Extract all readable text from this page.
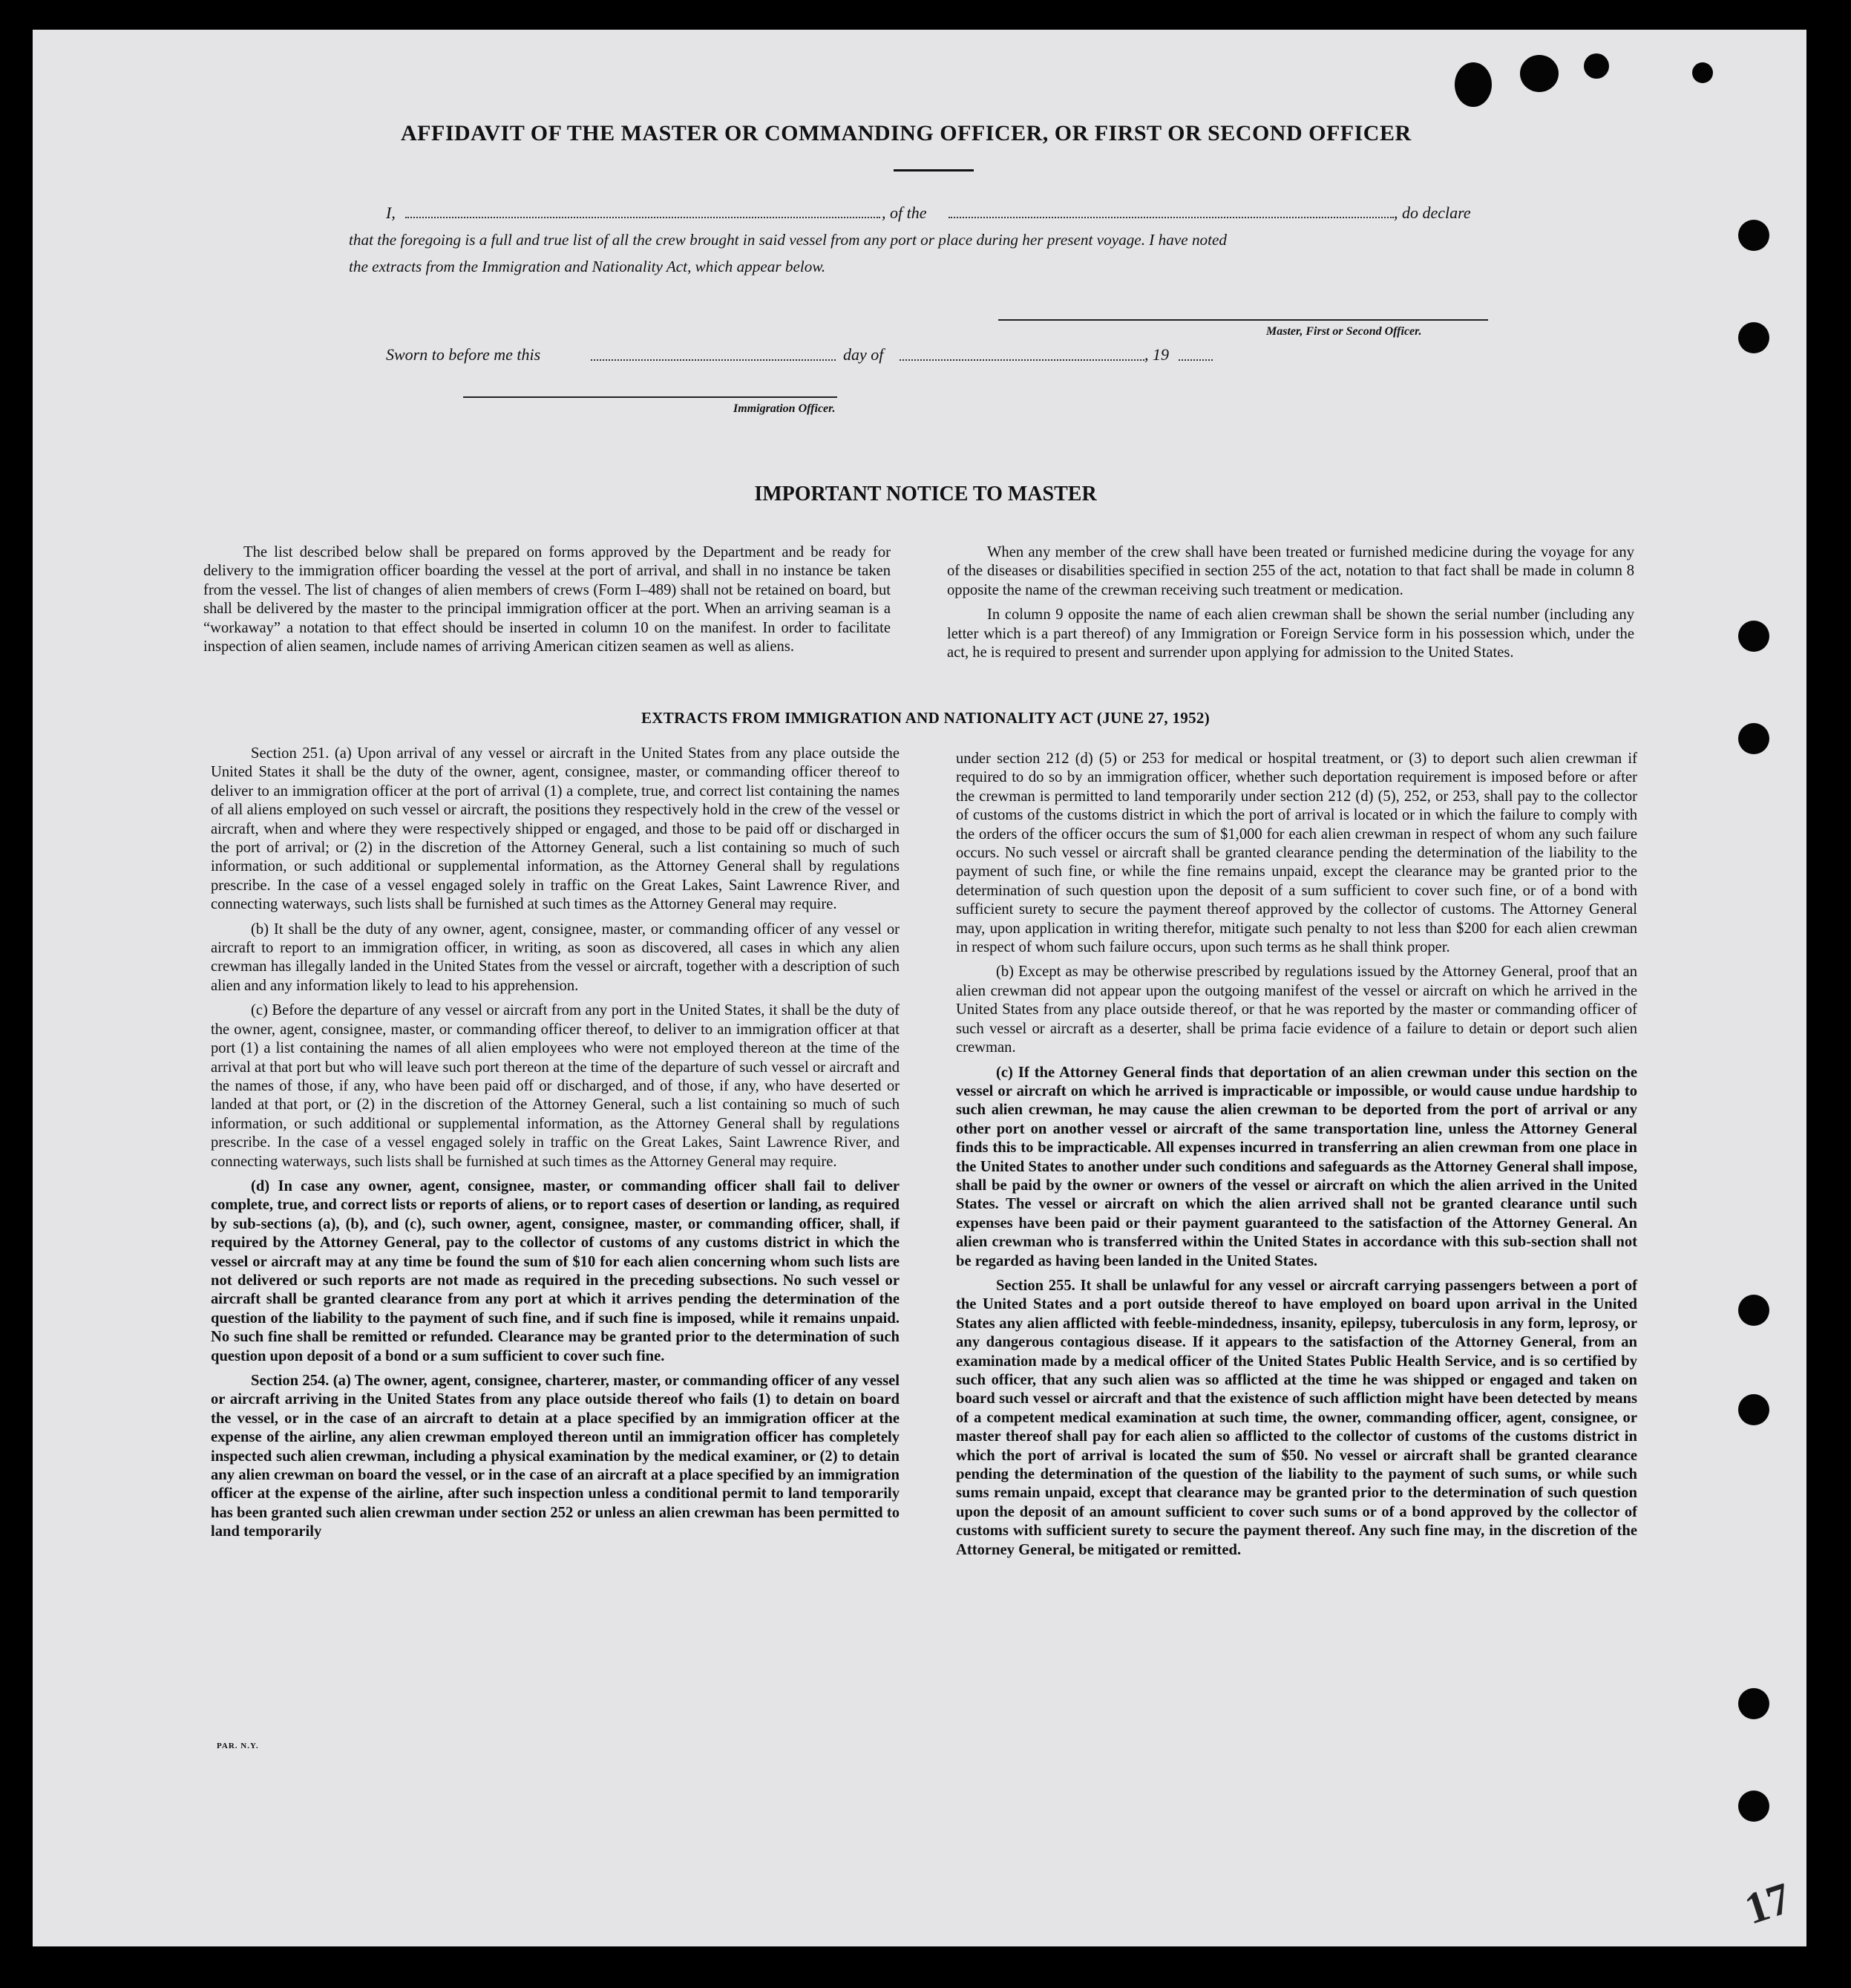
AFFIDAVIT OF THE MASTER OR COMMANDING OFFICER, OR FIRST OR SECOND OFFICER
I,	, of the	, do declare
that the foregoing is a full and true list of all the crew brought in said vessel from any port or place during her present voyage. I have noted
the extracts from the Immigration and Nationality Act, which appear below.
Master, First or Second Officer.
Sworn to before me this	day of	, 19
Immigration Officer.
IMPORTANT NOTICE TO MASTER

The list described below shall be prepared on forms approved by the Department and be ready for delivery to the immigration officer boarding the vessel at the port of arrival, and shall in no instance be taken from the vessel. The list of changes of alien members of crews (Form I–489) shall not be retained on board, but shall be delivered by the master to the principal immigration officer at the port. When an arriving seaman is a “workaway” a notation to that effect should be inserted in column 10 on the manifest. In order to facilitate inspection of alien seamen, include names of arriving American citizen seamen as well as aliens.

When any member of the crew shall have been treated or furnished medicine during the voyage for any of the diseases or disabilities specified in section 255 of the act, notation to that fact shall be made in column 8 opposite the name of the crewman receiving such treatment or medication.

In column 9 opposite the name of each alien crewman shall be shown the serial number (including any letter which is a part thereof) of any Immigration or Foreign Service form in his possession which, under the act, he is required to present and surrender upon applying for admission to the United States.

EXTRACTS FROM IMMIGRATION AND NATIONALITY ACT (JUNE 27, 1952)

Section 251. (a) Upon arrival of any vessel or aircraft in the United States from any place outside the United States it shall be the duty of the owner, agent, consignee, master, or commanding officer thereof to deliver to an immigration officer at the port of arrival (1) a complete, true, and correct list containing the names of all aliens employed on such vessel or aircraft, the positions they respectively hold in the crew of the vessel or aircraft, when and where they were respectively shipped or engaged, and those to be paid off or discharged in the port of arrival; or (2) in the discretion of the Attorney General, such a list containing so much of such information, or such additional or supplemental information, as the Attorney General shall by regulations prescribe. In the case of a vessel engaged solely in traffic on the Great Lakes, Saint Lawrence River, and connecting waterways, such lists shall be furnished at such times as the Attorney General may require.

(b) It shall be the duty of any owner, agent, consignee, master, or commanding officer of any vessel or aircraft to report to an immigration officer, in writing, as soon as discovered, all cases in which any alien crewman has illegally landed in the United States from the vessel or aircraft, together with a description of such alien and any information likely to lead to his apprehension.

(c) Before the departure of any vessel or aircraft from any port in the United States, it shall be the duty of the owner, agent, consignee, master, or commanding officer thereof, to deliver to an immigration officer at that port (1) a list containing the names of all alien employees who were not employed thereon at the time of the arrival at that port but who will leave such port thereon at the time of the departure of such vessel or aircraft and the names of those, if any, who have been paid off or discharged, and of those, if any, who have deserted or landed at that port, or (2) in the discretion of the Attorney General, such a list containing so much of such information, or such additional or supplemental information, as the Attorney General shall by regulations prescribe. In the case of a vessel engaged solely in traffic on the Great Lakes, Saint Lawrence River, and connecting waterways, such lists shall be furnished at such times as the Attorney General may require.

(d) In case any owner, agent, consignee, master, or commanding officer shall fail to deliver complete, true, and correct lists or reports of aliens, or to report cases of desertion or landing, as required by sub-sections (a), (b), and (c), such owner, agent, consignee, master, or commanding officer, shall, if required by the Attorney General, pay to the collector of customs of any customs district in which the vessel or aircraft may at any time be found the sum of $10 for each alien concerning whom such lists are not delivered or such reports are not made as required in the preceding subsections. No such vessel or aircraft shall be granted clearance from any port at which it arrives pending the determination of the question of the liability to the payment of such fine, and if such fine is imposed, while it remains unpaid. No such fine shall be remitted or refunded. Clearance may be granted prior to the determination of such question upon deposit of a bond or a sum sufficient to cover such fine.

Section 254. (a) The owner, agent, consignee, charterer, master, or commanding officer of any vessel or aircraft arriving in the United States from any place outside thereof who fails (1) to detain on board the vessel, or in the case of an aircraft to detain at a place specified by an immigration officer at the expense of the airline, any alien crewman employed thereon until an immigration officer has completely inspected such alien crewman, including a physical examination by the medical examiner, or (2) to detain any alien crewman on board the vessel, or in the case of an aircraft at a place specified by an immigration officer at the expense of the airline, after such inspection unless a conditional permit to land temporarily has been granted such alien crewman under section 252 or unless an alien crewman has been permitted to land temporarily

under section 212 (d) (5) or 253 for medical or hospital treatment, or (3) to deport such alien crewman if required to do so by an immigration officer, whether such deportation requirement is imposed before or after the crewman is permitted to land temporarily under section 212 (d) (5), 252, or 253, shall pay to the collector of customs of the customs district in which the port of arrival is located or in which the failure to comply with the orders of the officer occurs the sum of $1,000 for each alien crewman in respect of whom any such failure occurs. No such vessel or aircraft shall be granted clearance pending the determination of the liability to the payment of such fine, or while the fine remains unpaid, except the clearance may be granted prior to the determination of such question upon the deposit of a sum sufficient to cover such fine, or of a bond with sufficient surety to secure the payment thereof approved by the collector of customs. The Attorney General may, upon application in writing therefor, mitigate such penalty to not less than $200 for each alien crewman in respect of whom such failure occurs, upon such terms as he shall think proper.

(b) Except as may be otherwise prescribed by regulations issued by the Attorney General, proof that an alien crewman did not appear upon the outgoing manifest of the vessel or aircraft on which he arrived in the United States from any place outside thereof, or that he was reported by the master or commanding officer of such vessel or aircraft as a deserter, shall be prima facie evidence of a failure to detain or deport such alien crewman.

(c) If the Attorney General finds that deportation of an alien crewman under this section on the vessel or aircraft on which he arrived is impracticable or impossible, or would cause undue hardship to such alien crewman, he may cause the alien crewman to be deported from the port of arrival or any other port on another vessel or aircraft of the same transportation line, unless the Attorney General finds this to be impracticable. All expenses incurred in transferring an alien crewman from one place in the United States to another under such conditions and safeguards as the Attorney General shall impose, shall be paid by the owner or owners of the vessel or aircraft on which the alien arrived in the United States. The vessel or aircraft on which the alien arrived shall not be granted clearance until such expenses have been paid or their payment guaranteed to the satisfaction of the Attorney General. An alien crewman who is transferred within the United States in accordance with this sub-section shall not be regarded as having been landed in the United States.

Section 255. It shall be unlawful for any vessel or aircraft carrying passengers between a port of the United States and a port outside thereof to have employed on board upon arrival in the United States any alien afflicted with feeble-mindedness, insanity, epilepsy, tuberculosis in any form, leprosy, or any dangerous contagious disease. If it appears to the satisfaction of the Attorney General, from an examination made by a medical officer of the United States Public Health Service, and is so certified by such officer, that any such alien was so afflicted at the time he was shipped or engaged and taken on board such vessel or aircraft and that the existence of such affliction might have been detected by means of a competent medical examination at such time, the owner, commanding officer, agent, consignee, or master thereof shall pay for each alien so afflicted to the collector of customs of the customs district in which the port of arrival is located the sum of $50. No vessel or aircraft shall be granted clearance pending the determination of the question of the liability to the payment of such sums, or while such sums remain unpaid, except that clearance may be granted prior to the determination of such question upon the deposit of an amount sufficient to cover such sums or of a bond approved by the collector of customs with sufficient surety to secure the payment thereof. Any such fine may, in the discretion of the Attorney General, be mitigated or remitted.

PAR. N.Y.
17
